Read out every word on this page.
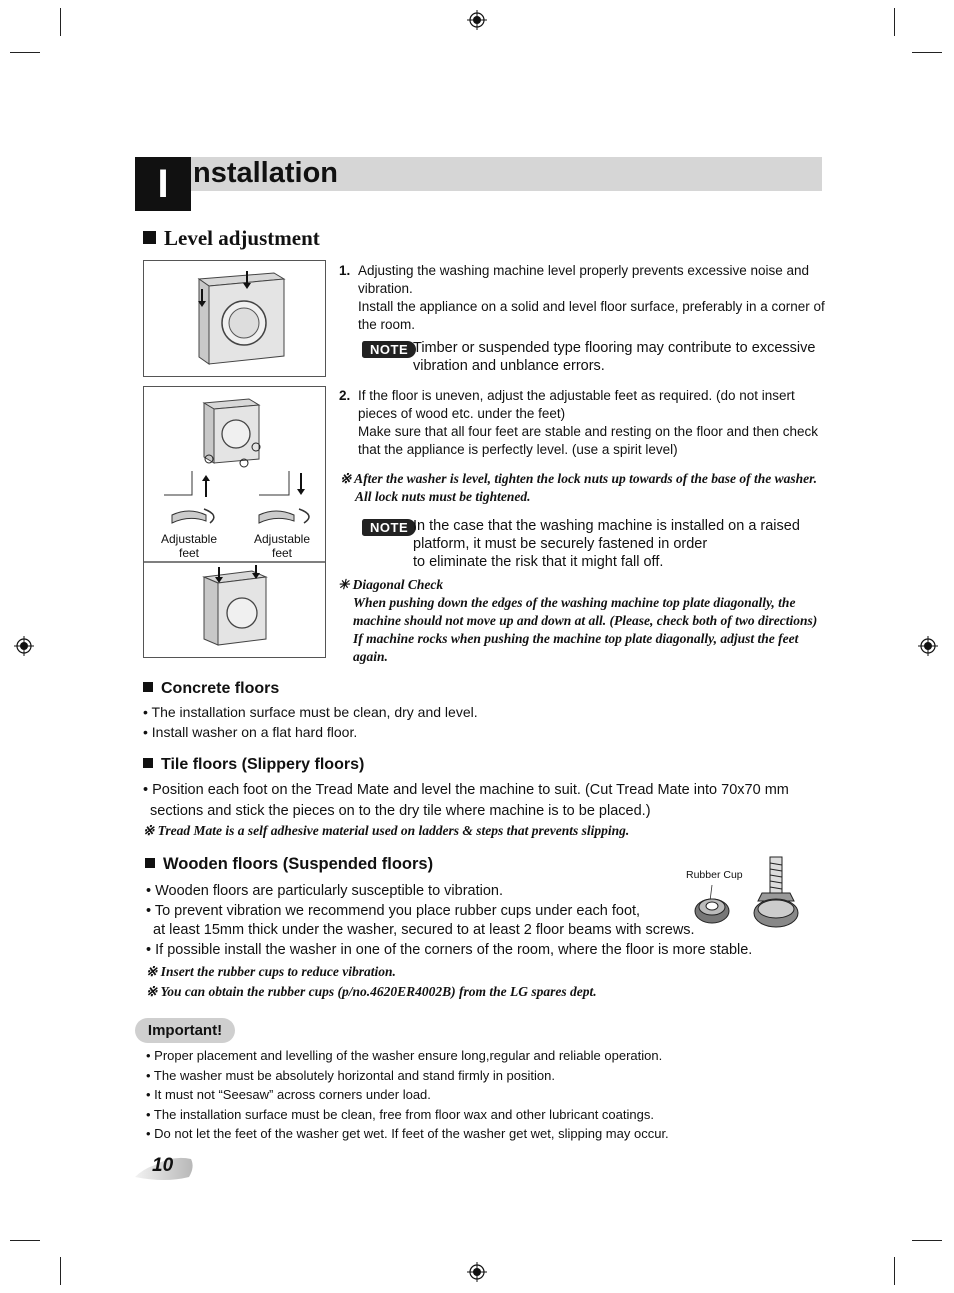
I nstallation
Level adjustment
Adjustable
feet
Adjustable
feet
1. Adjusting the washing machine level properly prevents excessive noise and
vibration.
Install the appliance on a solid and level floor surface, preferably in a corner of
the room.
NOTE Timber or suspended type flooring may contribute to excessive
vibration and unblance errors.
2. If the floor is uneven, adjust the adjustable feet as required. (do not insert
pieces of wood etc. under the feet)
Make sure that all four feet are stable and resting on the floor and then check
that the appliance is perfectly level. (use a spirit level)
※ After the washer is level, tighten the lock nuts up towards of the base of the washer.
All lock nuts must be tightened.
NOTE In the case that the washing machine is installed on a raised
platform, it must be securely fastened in order
to eliminate the risk that it might fall off.
✳ Diagonal Check
When pushing down the edges of the washing machine top plate diagonally, the
machine should not move up and down at all. (Please, check both of two directions)
If machine rocks when pushing the machine top plate diagonally, adjust the feet
again.
Concrete floors
• The installation surface must be clean, dry and level.
• Install washer on a flat hard floor.
Tile floors (Slippery floors)
• Position each foot on the Tread Mate and level the machine to suit. (Cut Tread Mate into 70x70 mm
sections and stick the pieces on to the dry tile where machine is to be placed.)
※ Tread Mate is a self adhesive material used on ladders & steps that prevents slipping.
Wooden floors (Suspended floors)
• Wooden floors are particularly susceptible to vibration.
• To prevent vibration we recommend you place rubber cups under each foot,
at least 15mm thick under the washer, secured to at least 2 floor beams with screws.
• If possible install the washer in one of the corners of the room, where the floor is more stable.
※ Insert the rubber cups to reduce vibration.
※ You can obtain the rubber cups (p/no.4620ER4002B) from the LG spares dept.
Rubber Cup
Important!
• Proper placement and levelling of the washer ensure long,regular and reliable operation.
• The washer must be absolutely horizontal and stand firmly in position.
• It must not “Seesaw” across corners under load.
• The installation surface must be clean, free from floor wax and other lubricant coatings.
• Do not let the feet of the washer get wet. If feet of the washer get wet, slipping may occur.
10
